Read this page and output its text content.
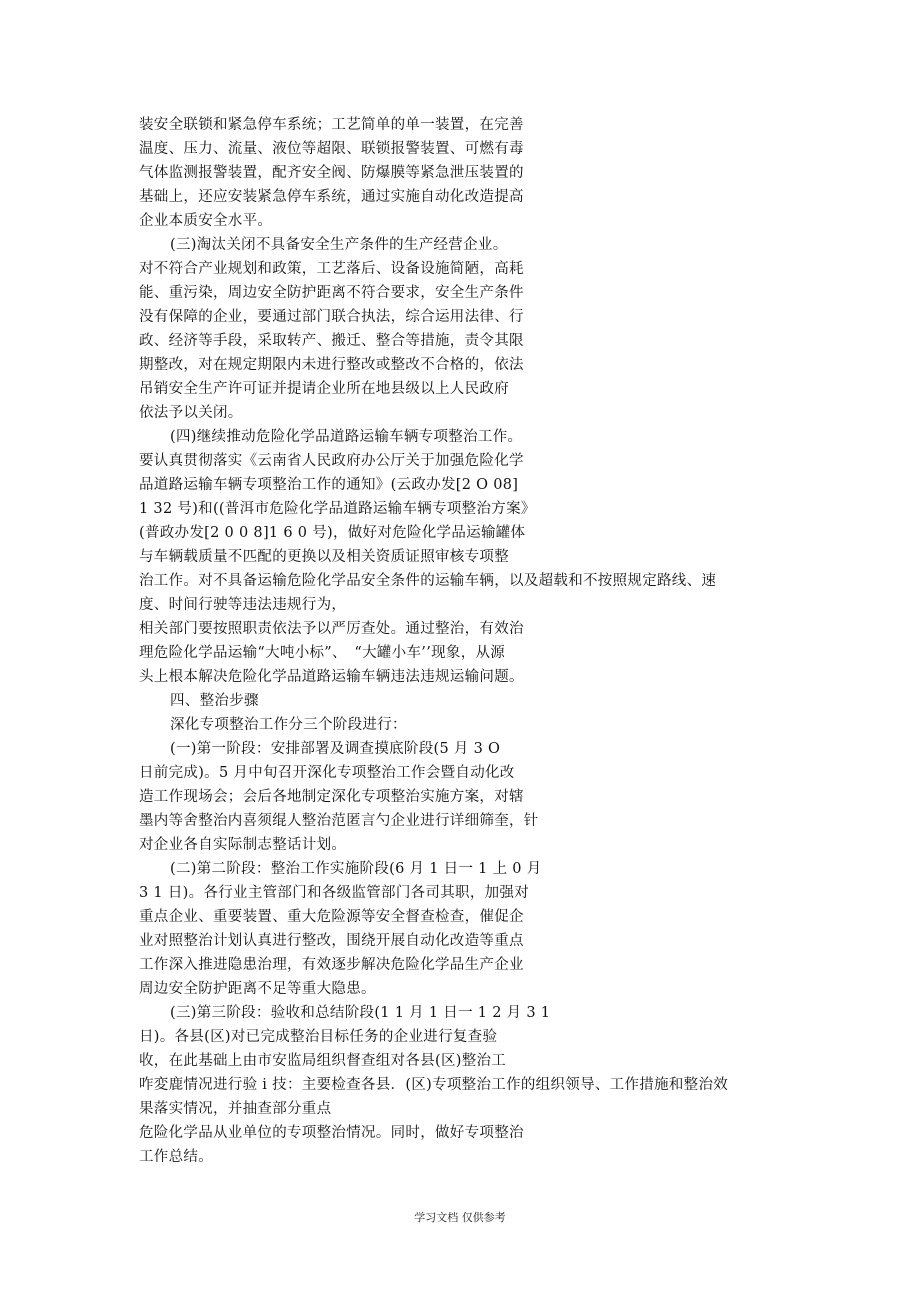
装安全联锁和紧急停车系统；工艺简单的单一装置，在完善
温度、压力、流量、液位等超限、联锁报警装置、可燃有毒
气体监测报警装置，配齐安全阀、防爆膜等紧急泄压装置的
基础上，还应安装紧急停车系统，通过实施自动化改造提高
企业本质安全水平。
(三)淘汰关闭不具备安全生产条件的生产经营企业。
对不符合产业规划和政策，工艺落后、设备设施简陋，高耗
能、重污染，周边安全防护距离不符合要求，安全生产条件
没有保障的企业，要通过部门联合执法，综合运用法律、行
政、经济等手段，采取转产、搬迁、整合等措施，责令其限
期整改，对在规定期限内未进行整改或整改不合格的，依法
吊销安全生产许可证并提请企业所在地县级以上人民政府
依法予以关闭。
(四)继续推动危险化学品道路运输车辆专项整治工作。
要认真贯彻落实《云南省人民政府办公厅关于加强危险化学
品道路运输车辆专项整治工作的通知》(云政办发[2 O 08]
1 32 号)和((普洱市危险化学品道路运输车辆专项整治方案》
(普政办发[2 0 0 8]1 6 0 号)，做好对危险化学品运输罐体
与车辆载质量不匹配的更换以及相关资质证照审核专项整
治工作。对不具备运输危险化学品安全条件的运输车辆，以及超载和不按照规定路线、速
度、时间行驶等违法违规行为，
相关部门要按照职责依法予以严厉查处。通过整治，有效治
理危险化学品运输“大吨小标”、　“大罐小车’’现象，从源
头上根本解决危险化学品道路运输车辆违法违规运输问题。
四、整治步骤
深化专项整治工作分三个阶段进行：
(一)第一阶段：安排部署及调查摸底阶段(5 月 3 O
日前完成)。5 月中旬召开深化专项整治工作会暨自动化改
造工作现场会；会后各地制定深化专项整治实施方案，对辖
墨内等舍整治内喜须绲人整治范匿言勺企业进行详细筛奎，针
对企业各自实际制志整话计划。
(二)第二阶段：整治工作实施阶段(6 月 1 日一 1 上 0 月
3 1 日)。各行业主管部门和各级监管部门各司其职，加强对
重点企业、重要装置、重大危险源等安全督查检查，催促企
业对照整治计划认真进行整改，围绕开展自动化改造等重点
工作深入推进隐患治理，有效逐步解决危险化学品生产企业
周边安全防护距离不足等重大隐患。
(三)第三阶段：验收和总结阶段(1 1 月 1 日一 1 2 月 3 1
日)。各县(区)对已完成整治目标任务的企业进行复查验
收，在此基础上由市安监局组织督查组对各县(区)整治工
咋変鹿情况进行验 i 技：主要检查各县．(区)专项整治工作的组织领导、工作措施和整治效
果落实情况，并抽查部分重点
危险化学品从业单位的专项整治情况。同时，做好专项整治
工作总结。
学习文档 仅供参考
